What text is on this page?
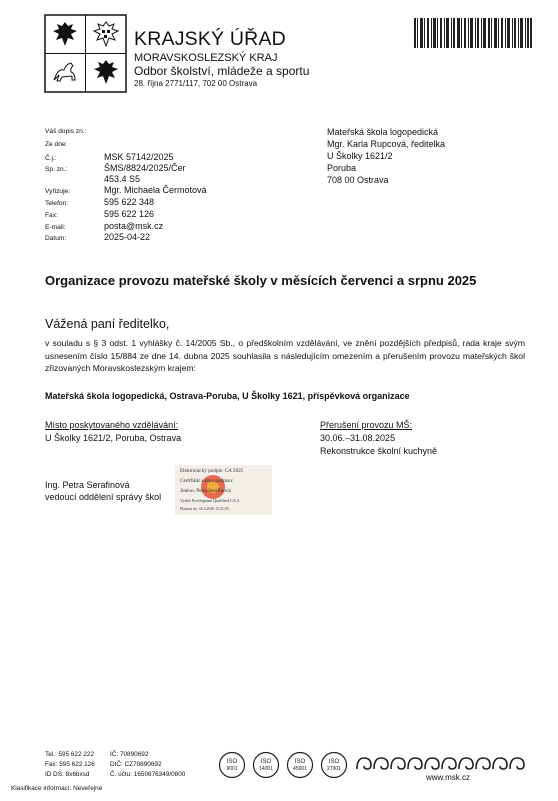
KRAJSKÝ ÚŘAD
MORAVSKOSLEZSKÝ KRAJ
Odbor školství, mládeže a sportu
28. října 2771/117, 702 00 Ostrava
Váš dopis zn.:
Ze dne:
Č.j.:
Sp. zn.:
Vyřizuje:
Telefon:
Fax:
E-mail:
Datum:
MSK 57142/2025
ŠMS/8824/2025/Čer
453.4 S5
Mgr. Michaela Čermotová
595 622 348
595 622 126
posta@msk.cz
2025-04-22
Mateřská škola logopedická
Mgr. Karla Rupcová, ředitelka
U Školky 1621/2
Poruba
708 00 Ostrava
Organizace provozu mateřské školy v měsících červenci a srpnu 2025
Vážená paní ředitelko,
v souladu s § 3 odst. 1 vyhlášky č. 14/2005 Sb., o předškolním vzdělávání, ve znění pozdějších předpisů, rada kraje svým usnesením číslo 15/884 ze dne 14. dubna 2025 souhlasila s následujícím omezením a přerušením provozu mateřských škol zřizovaných Moravskoslezským krajem:
Mateřská škola logopedická, Ostrava-Poruba, U Školky 1621, příspěvková organizace
Místo poskytovaného vzdělávání:
U Školky 1621/2, Poruba, Ostrava
Přerušení provozu MŠ:
30.06.–31.08.2025
Rekonstrukce školní kuchyně
Ing. Petra Serafinová
vedoucí oddělení správy škol
Elektronický podpis: CA 2025
Certifikát autora podpisu:
Jméno: Petra Serafinová
Vydal: PostSignum Qualified CA 4
Platnost do: 16.3.2026 15:21:03
Tel.: 595 622 222
Fax: 595 622 126
ID DS: 8x6bxsd
IČ: 70890692
DIČ: CZ70890692
Č. účtu: 1650676349/0800
Klasifikace informací: Neveřejné
ISO
9001
ISO
14001
ISO
45001
ISO
27001
www.msk.cz
